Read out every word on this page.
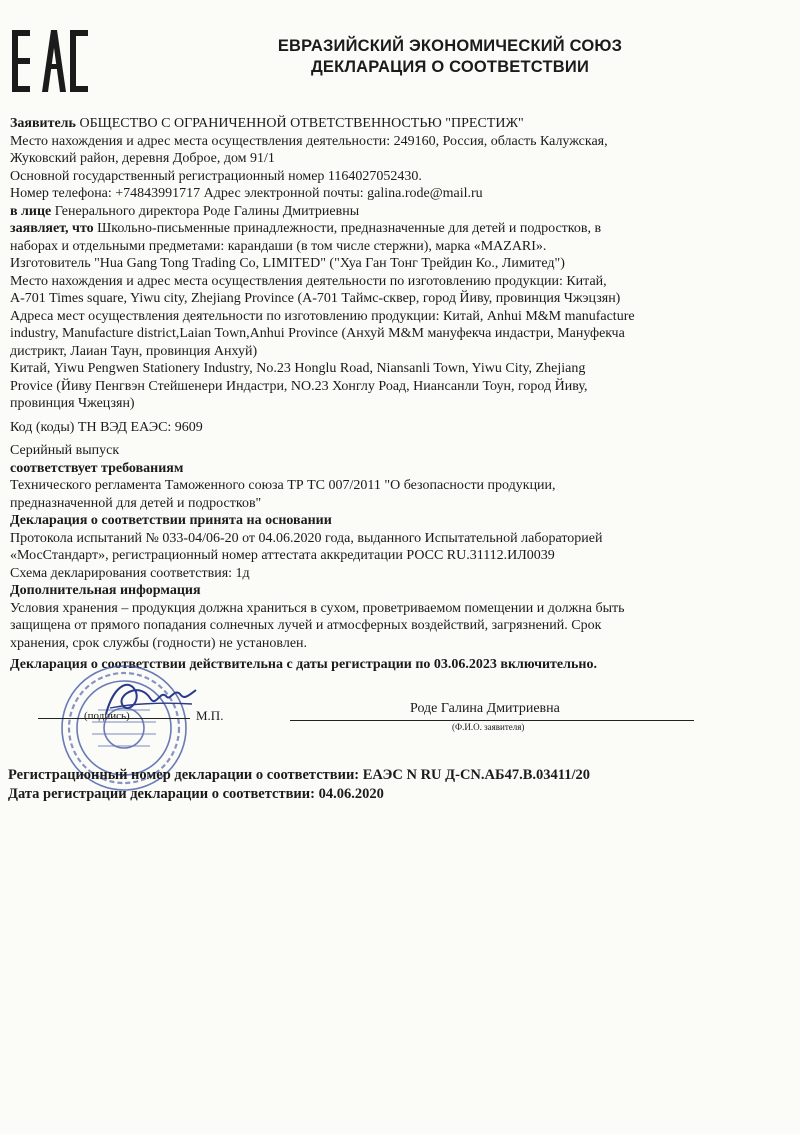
ЕВРАЗИЙСКИЙ ЭКОНОМИЧЕСКИЙ СОЮЗ
ДЕКЛАРАЦИЯ О СООТВЕТСТВИИ

Заявитель ОБЩЕСТВО С ОГРАНИЧЕННОЙ ОТВЕТСТВЕННОСТЬЮ "ПРЕСТИЖ"

Место нахождения и адрес места осуществления деятельности: 249160, Россия, область Калужская,

Жуковский район, деревня Доброе, дом 91/1

Основной государственный регистрационный номер 1164027052430.

Номер телефона: +74843991717 Адрес электронной почты: galina.rode@mail.ru

в лице Генерального директора Роде Галины Дмитриевны

заявляет, что Школьно-письменные принадлежности, предназначенные для детей и подростков, в

наборах и отдельными предметами: карандаши (в том числе стержни), марка «MAZARI».

Изготовитель "Hua Gang Tong Trading Co, LIMITED" ("Хуа Ган Тонг Трейдин Ко., Лимитед")

Место нахождения и адрес места осуществления деятельности по изготовлению продукции: Китай,

A-701 Times square, Yiwu city, Zhejiang Province (А-701 Таймс-сквер, город Йиву, провинция Чжэцзян)

Адреса мест осуществления деятельности по изготовлению продукции: Китай, Anhui M&M manufacture

industry, Manufacture district,Laian Town,Anhui Province (Анхуй М&М мануфекча индастри, Мануфекча

дистрикт, Лаиан Таун, провинция Анхуй)

Китай, Yiwu Pengwen Stationery Industry, No.23 Honglu Road, Niansanli Town, Yiwu City, Zhejiang

Provice (Йиву Пенгвэн Стейшенери Индастри, NO.23 Хонглу Роад, Ниансанли Тоун, город Йиву,

провинция Чжецзян)

Код (коды) ТН ВЭД ЕАЭС: 9609

Серийный выпуск

соответствует требованиям

Технического регламента Таможенного союза ТР ТС 007/2011 "О безопасности продукции,

предназначенной для детей и подростков"

Декларация о соответствии принята на основании

Протокола испытаний № 033-04/06-20 от 04.06.2020 года, выданного Испытательной лабораторией

«МосСтандарт», регистрационный номер аттестата аккредитации РОСС RU.31112.ИЛ0039

Схема декларирования соответствия: 1д

Дополнительная информация

Условия хранения – продукция должна храниться в сухом, проветриваемом помещении и должна быть

защищена от прямого попадания солнечных лучей и атмосферных воздействий, загрязнений. Срок

хранения, срок службы (годности) не установлен.

Декларация о соответствии действительна с даты регистрации по 03.06.2023 включительно.

(подпись)	М.П.	Роде Галина Дмитриевна
(Ф.И.О. заявителя)

Регистрационный номер декларации о соответствии: ЕАЭС N RU Д-CN.АБ47.В.03411/20

Дата регистрации декларации о соответствии: 04.06.2020
